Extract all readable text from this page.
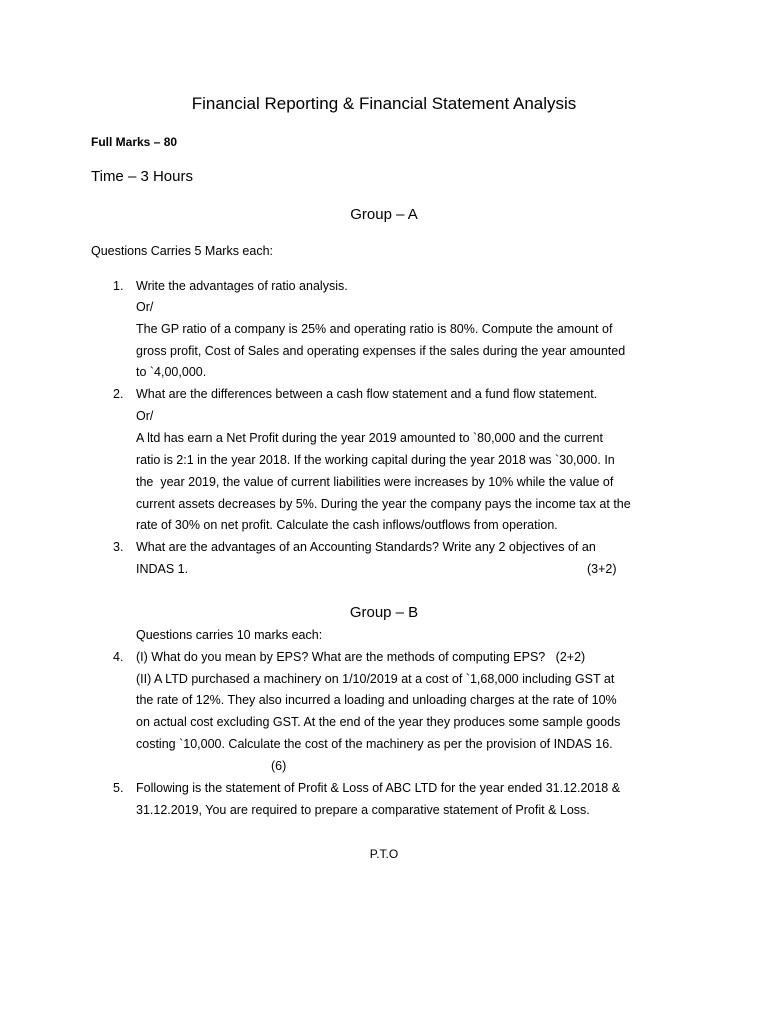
Financial Reporting & Financial Statement Analysis
Full Marks – 80
Time – 3 Hours
Group – A
Questions Carries 5 Marks each:
1. Write the advantages of ratio analysis.
Or/
The GP ratio of a company is 25% and operating ratio is 80%. Compute the amount of
gross profit, Cost of Sales and operating expenses if the sales during the year amounted
to `4,00,000.
2. What are the differences between a cash flow statement and a fund flow statement.
Or/
A ltd has earn a Net Profit during the year 2019 amounted to `80,000 and the current
ratio is 2:1 in the year 2018. If the working capital during the year 2018 was `30,000. In
the  year 2019, the value of current liabilities were increases by 10% while the value of
current assets decreases by 5%. During the year the company pays the income tax at the
rate of 30% on net profit. Calculate the cash inflows/outflows from operation.
3. What are the advantages of an Accounting Standards? Write any 2 objectives of an
INDAS 1.	(3+2)
Group – B
Questions carries 10 marks each:
4. (I) What do you mean by EPS? What are the methods of computing EPS?   (2+2)
(II) A LTD purchased a machinery on 1/10/2019 at a cost of `1,68,000 including GST at
the rate of 12%. They also incurred a loading and unloading charges at the rate of 10%
on actual cost excluding GST. At the end of the year they produces some sample goods
costing `10,000. Calculate the cost of the machinery as per the provision of INDAS 16.
(6)
5. Following is the statement of Profit & Loss of ABC LTD for the year ended 31.12.2018 &
31.12.2019, You are required to prepare a comparative statement of Profit & Loss.
P.T.O
